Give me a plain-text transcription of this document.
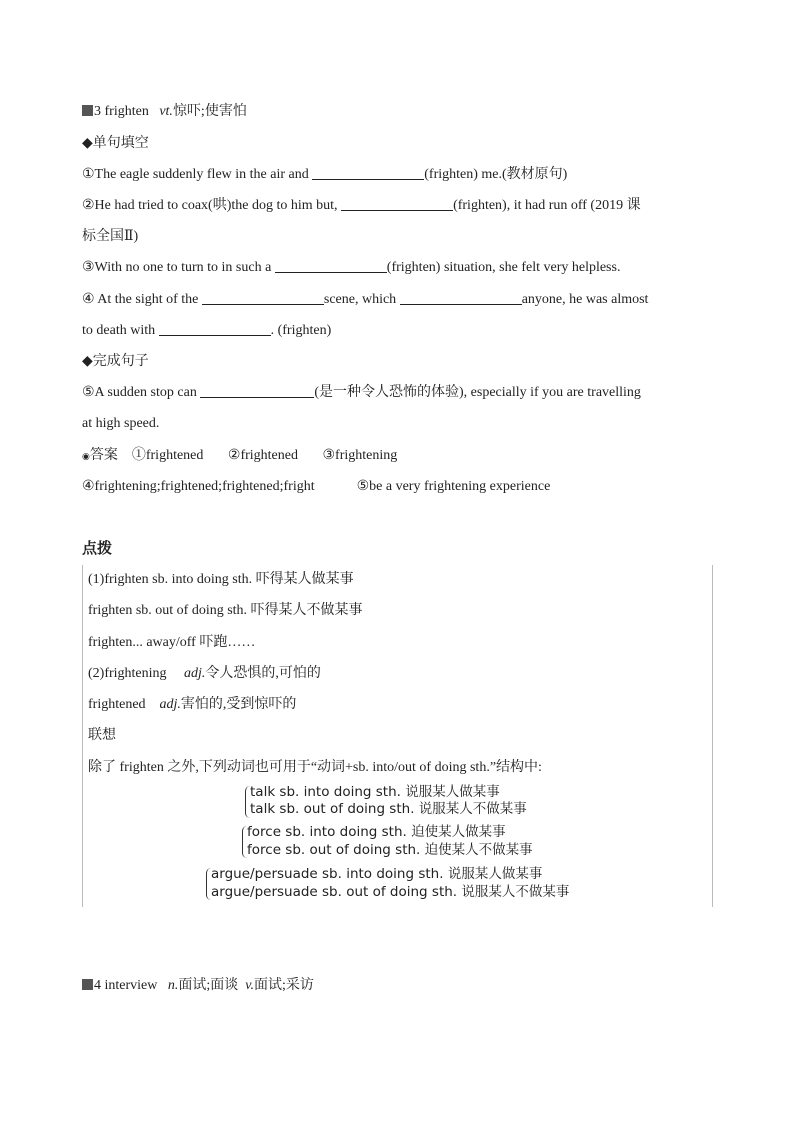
3 frighten vt.惊吓;使害怕
◆单句填空
①The eagle suddenly flew in the air and	(frighten) me.(教材原句)
②He had tried to coax(哄)the dog to him but,	(frighten), it had run off (2019 课
标全国Ⅱ)
③With no one to turn to in such a	(frighten) situation, she felt very helpless.
④ At the sight of the	scene, which	anyone, he was almost
to death with	. (frighten)
◆完成句子
⑤A sudden stop can	(是一种令人恐怖的体验), especially if you are travelling
at high speed.
◉答案 ①frightened ②frightened ③frightening
④frightening;frightened;frightened;fright	⑤be a very frightening experience
点拨
(1)frighten sb. into doing sth. 吓得某人做某事
frighten sb. out of doing sth. 吓得某人不做某事
frighten... away/off 吓跑……
(2)frightening adj.令人恐惧的,可怕的
frightened adj.害怕的,受到惊吓的
联想
除了 frighten 之外,下列动词也可用于“动词+sb. into/out of doing sth.”结构中:
talk sb. into doing sth. 说服某人做某事
talk sb. out of doing sth. 说服某人不做某事
force sb. into doing sth. 迫使某人做某事
force sb. out of doing sth. 迫使某人不做某事
argue/persuade sb. into doing sth. 说服某人做某事
argue/persuade sb. out of doing sth. 说服某人不做某事
4 interview n.面试;面谈 v.面试;采访
